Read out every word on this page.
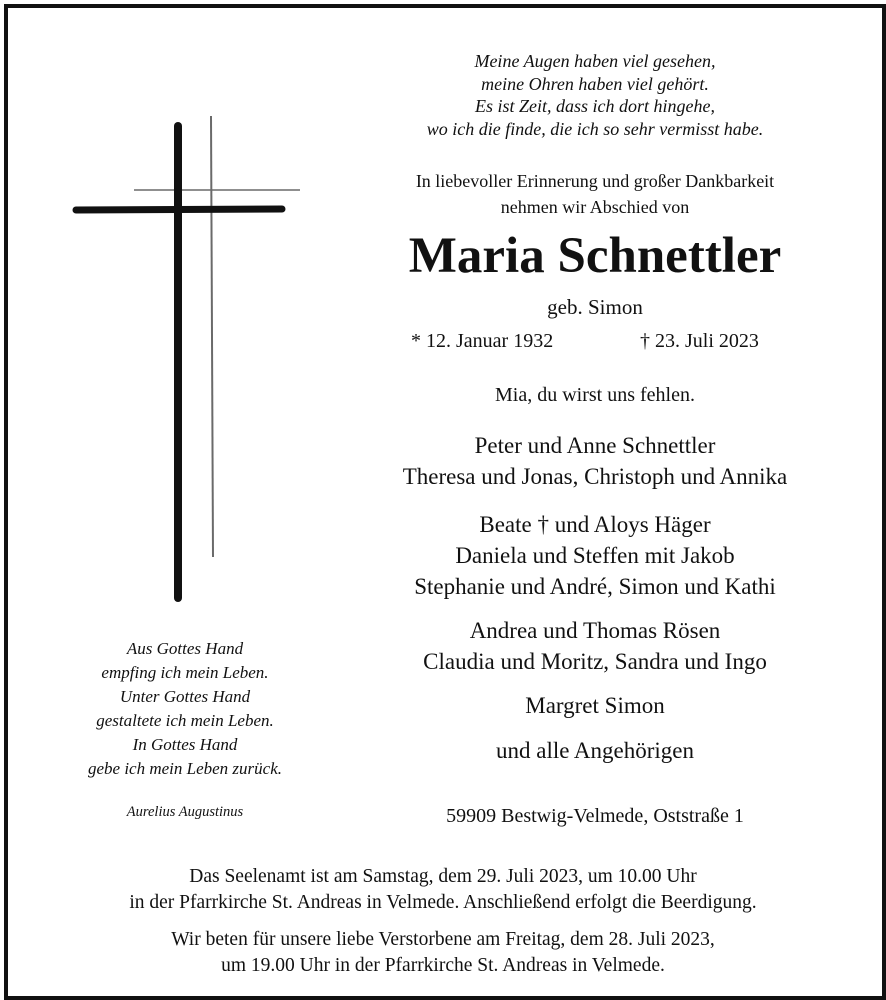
Meine Augen haben viel gesehen,
meine Ohren haben viel gehört.
Es ist Zeit, dass ich dort hingehe,
wo ich die finde, die ich so sehr vermisst habe.
In liebevoller Erinnerung und großer Dankbarkeit
nehmen wir Abschied von
Maria Schnettler
geb. Simon
* 12. Januar 1932	† 23. Juli 2023
Mia, du wirst uns fehlen.
Peter und Anne Schnettler
Theresa und Jonas, Christoph und Annika
Beate † und Aloys Häger
Daniela und Steffen mit Jakob
Stephanie und André, Simon und Kathi
Andrea und Thomas Rösen
Claudia und Moritz, Sandra und Ingo
Margret Simon
und alle Angehörigen
59909 Bestwig-Velmede, Oststraße 1
Aus Gottes Hand
empfing ich mein Leben.
Unter Gottes Hand
gestaltete ich mein Leben.
In Gottes Hand
gebe ich mein Leben zurück.
Aurelius Augustinus
Das Seelenamt ist am Samstag, dem 29. Juli 2023, um 10.00 Uhr
in der Pfarrkirche St. Andreas in Velmede. Anschließend erfolgt die Beerdigung.
Wir beten für unsere liebe Verstorbene am Freitag, dem 28. Juli 2023,
um 19.00 Uhr in der Pfarrkirche St. Andreas in Velmede.
